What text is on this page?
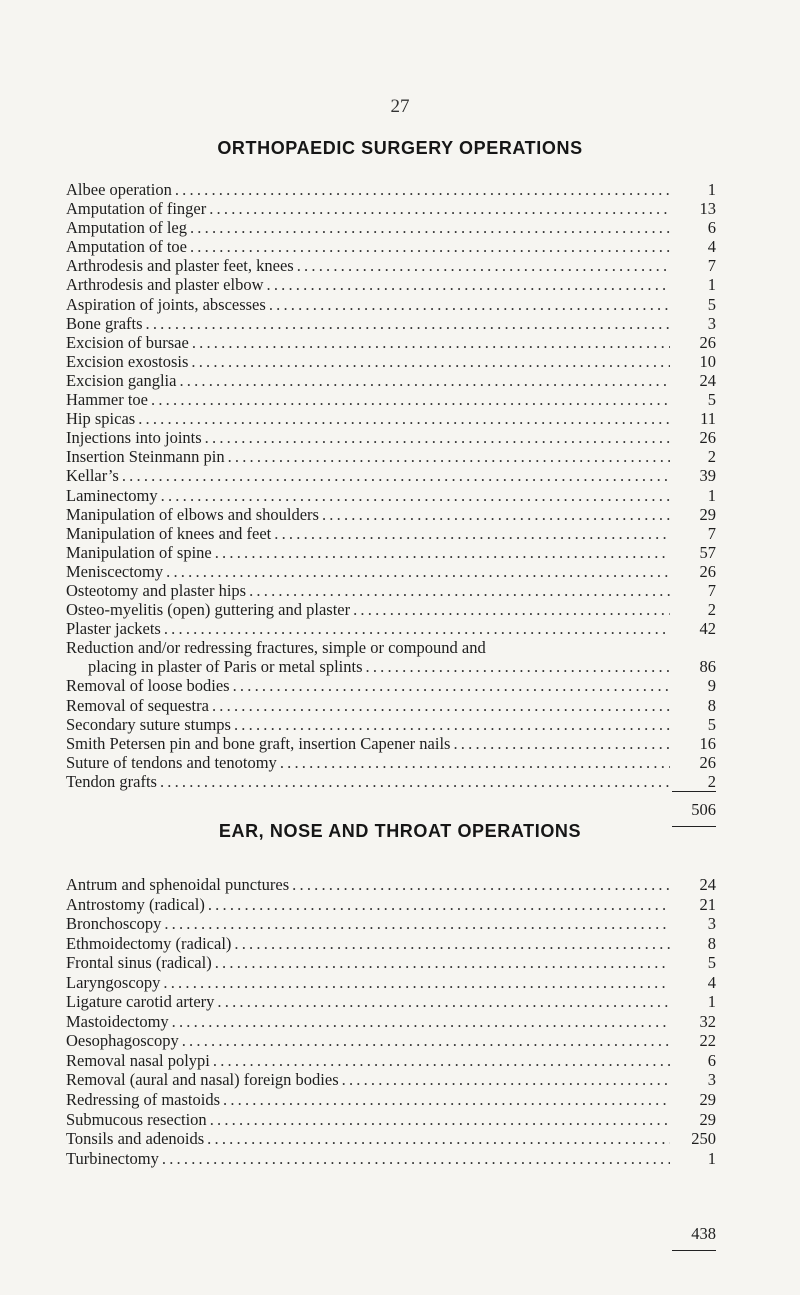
27
ORTHOPAEDIC SURGERY OPERATIONS
Albee operation .....	1
Amputation of finger .....	13
Amputation of leg .....	6
Amputation of toe .....	4
Arthrodesis and plaster feet, knees .....	7
Arthrodesis and plaster elbow .....	1
Aspiration of joints, abscesses .....	5
Bone grafts .....	3
Excision of bursae .....	26
Excision exostosis .....	10
Excision ganglia .....	24
Hammer toe .....	5
Hip spicas .....	11
Injections into joints .....	26
Insertion Steinmann pin .....	2
Kellar’s .....	39
Laminectomy .....	1
Manipulation of elbows and shoulders .....	29
Manipulation of knees and feet .....	7
Manipulation of spine .....	57
Meniscectomy .....	26
Osteotomy and plaster hips .....	7
Osteo-myelitis (open) guttering and plaster .....	2
Plaster jackets .....	42
Reduction and/or redressing fractures, simple or compound and
placing in plaster of Paris or metal splints .....	86
Removal of loose bodies .....	9
Removal of sequestra .....	8
Secondary suture stumps .....	5
Smith Petersen pin and bone graft, insertion Capener nails .....	16
Suture of tendons and tenotomy .....	26
Tendon grafts .....	2
506
EAR, NOSE AND THROAT OPERATIONS
Antrum and sphenoidal punctures .....	24
Antrostomy (radical) .....	21
Bronchoscopy .....	3
Ethmoidectomy (radical) .....	8
Frontal sinus (radical) .....	5
Laryngoscopy .....	4
Ligature carotid artery .....	1
Mastoidectomy .....	32
Oesophagoscopy .....	22
Removal nasal polypi .....	6
Removal (aural and nasal) foreign bodies .....	3
Redressing of mastoids .....	29
Submucous resection .....	29
Tonsils and adenoids .....	250
Turbinectomy .....	1
438
